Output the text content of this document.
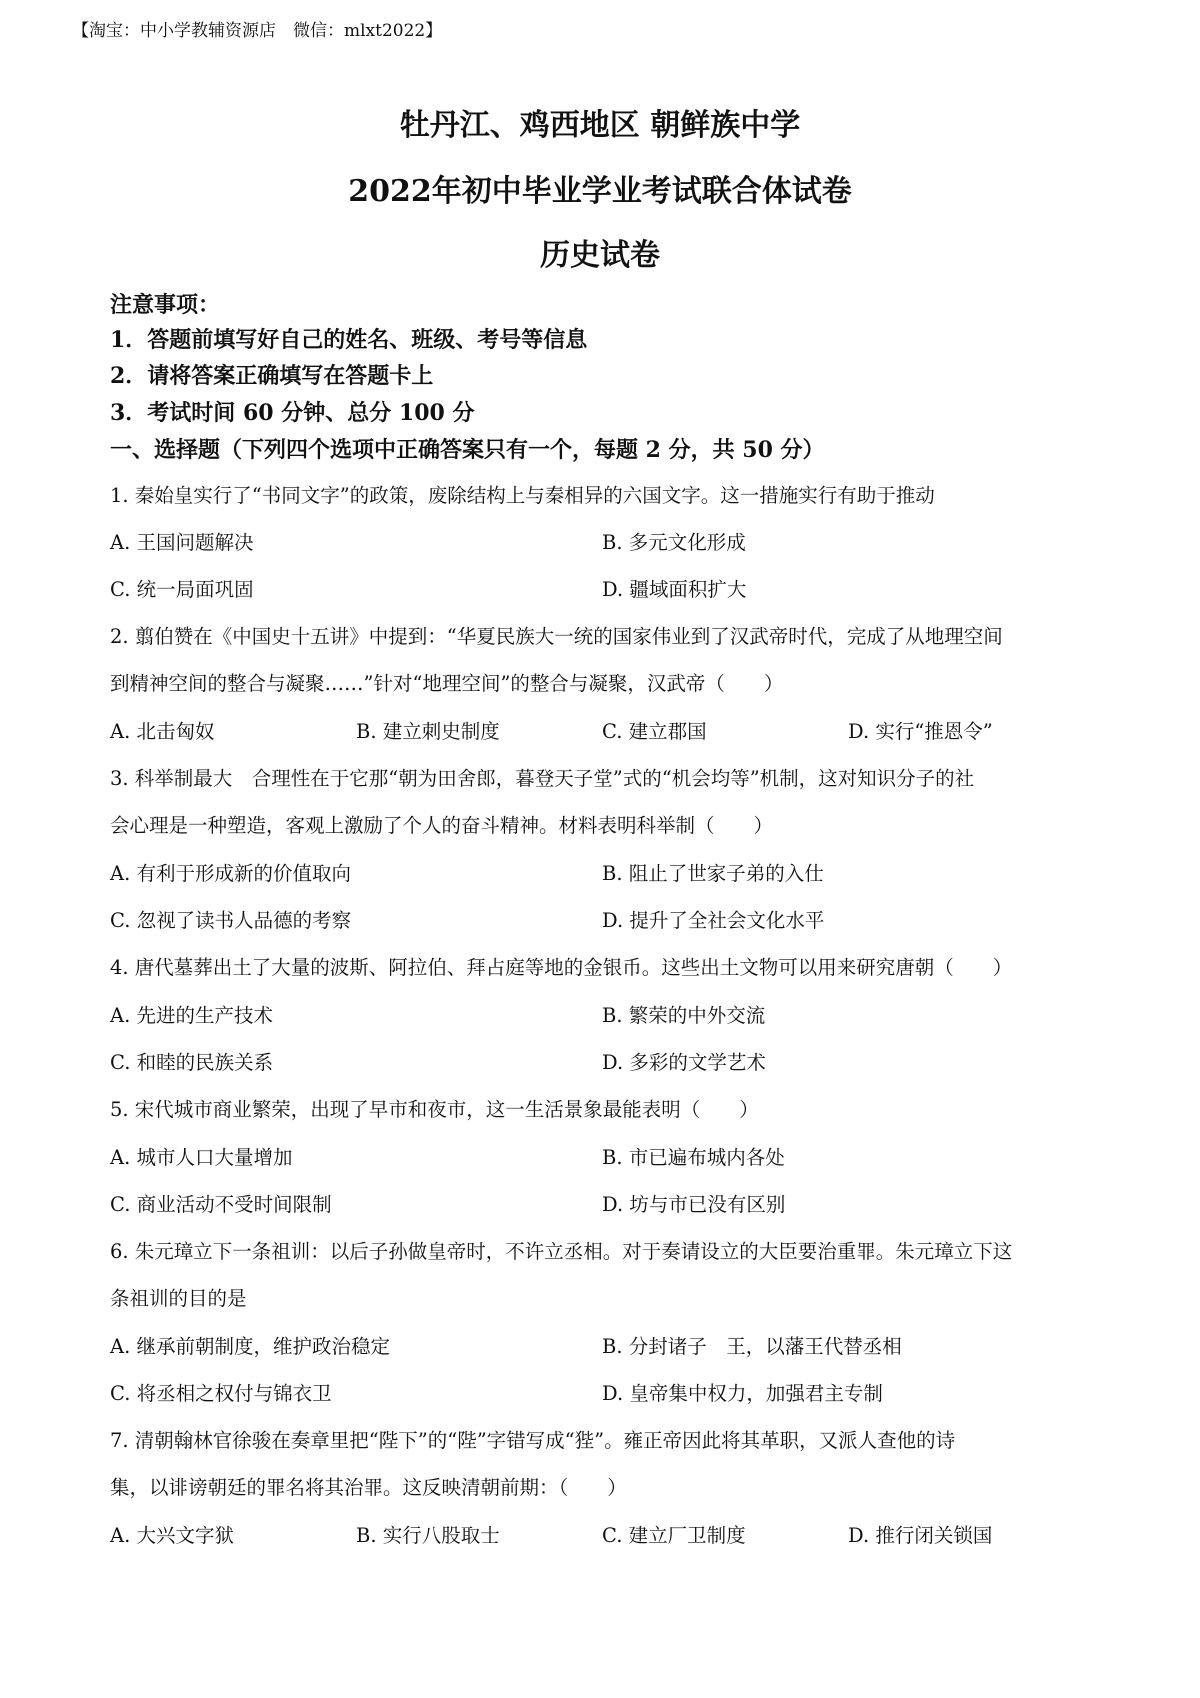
【淘宝：中小学教辅资源店　微信：mlxt2022】
牡丹江、鸡西地区 朝鲜族中学
2022年初中毕业学业考试联合体试卷
历史试卷
注意事项：
1．答题前填写好自己的姓名、班级、考号等信息
2．请将答案正确填写在答题卡上
3．考试时间 60 分钟、总分 100 分
一、选择题（下列四个选项中正确答案只有一个，每题 2 分，共 50 分）
1. 秦始皇实行了“书同文字”的政策，废除结构上与秦相异的六国文字。这一措施实行有助于推动
A. 王国问题解决	B. 多元文化形成
C. 统一局面巩固	D. 疆域面积扩大
2. 翦伯赞在《中国史十五讲》中提到：“华夏民族大一统的国家伟业到了汉武帝时代，完成了从地理空间
到精神空间的整合与凝聚……”针对“地理空间”的整合与凝聚，汉武帝（　　）
A. 北击匈奴	B. 建立刺史制度	C. 建立郡国	D. 实行“推恩令”
3. 科举制最大　合理性在于它那“朝为田舍郎，暮登天子堂”式的“机会均等”机制，这对知识分子的社
会心理是一种塑造，客观上激励了个人的奋斗精神。材料表明科举制（　　）
A. 有利于形成新的价值取向	B. 阻止了世家子弟的入仕
C. 忽视了读书人品德的考察	D. 提升了全社会文化水平
4. 唐代墓葬出土了大量的波斯、阿拉伯、拜占庭等地的金银币。这些出土文物可以用来研究唐朝（　　）
A. 先进的生产技术	B. 繁荣的中外交流
C. 和睦的民族关系	D. 多彩的文学艺术
5. 宋代城市商业繁荣，出现了早市和夜市，这一生活景象最能表明（　　）
A. 城市人口大量增加	B. 市已遍布城内各处
C. 商业活动不受时间限制	D. 坊与市已没有区别
6. 朱元璋立下一条祖训：以后子孙做皇帝时，不许立丞相。对于奏请设立的大臣要治重罪。朱元璋立下这
条祖训的目的是
A. 继承前朝制度，维护政治稳定	B. 分封诸子　王，以藩王代替丞相
C. 将丞相之权付与锦衣卫	D. 皇帝集中权力，加强君主专制
7. 清朝翰林官徐骏在奏章里把“陛下”的“陛”字错写成“狴”。雍正帝因此将其革职，又派人查他的诗
集，以诽谤朝廷的罪名将其治罪。这反映清朝前期：（　　）
A. 大兴文字狱	B. 实行八股取士	C. 建立厂卫制度	D. 推行闭关锁国
